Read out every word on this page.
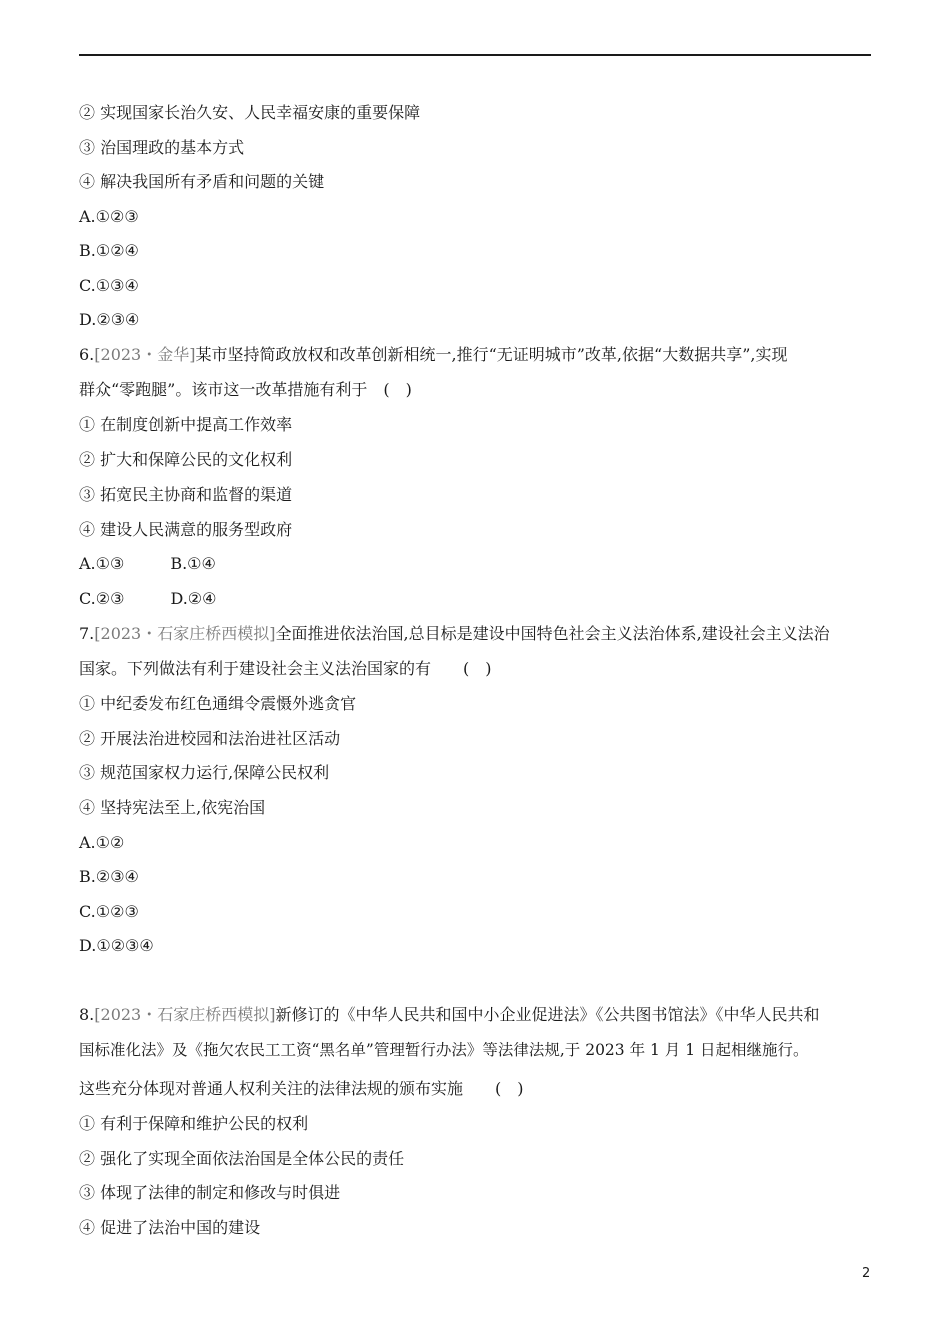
② 实现国家长治久安、人民幸福安康的重要保障
③ 治国理政的基本方式
④ 解决我国所有矛盾和问题的关键
A.①②③
B.①②④
C.①③④
D.②③④
6.[2023・金华]某市坚持简政放权和改革创新相统一,推行“无证明城市”改革,依据“大数据共享”,实现
群众“零跑腿”。该市这一改革措施有利于　(　)
① 在制度创新中提高工作效率
② 扩大和保障公民的文化权利
③ 拓宽民主协商和监督的渠道
④ 建设人民满意的服务型政府
A.①③	B.①④
C.②③	D.②④
7.[2023・石家庄桥西模拟]全面推进依法治国,总目标是建设中国特色社会主义法治体系,建设社会主义法治
国家。下列做法有利于建设社会主义法治国家的有　　(　)
① 中纪委发布红色通缉令震慑外逃贪官
② 开展法治进校园和法治进社区活动
③ 规范国家权力运行,保障公民权利
④ 坚持宪法至上,依宪治国
A.①②
B.②③④
C.①②③
D.①②③④
8.[2023・石家庄桥西模拟]新修订的《中华人民共和国中小企业促进法》《公共图书馆法》《中华人民共和
国标准化法》及《拖欠农民工工资“黑名单”管理暂行办法》等法律法规,于 2023 年 1 月 1 日起相继施行。
这些充分体现对普通人权利关注的法律法规的颁布实施　　(　)
① 有利于保障和维护公民的权利
② 强化了实现全面依法治国是全体公民的责任
③ 体现了法律的制定和修改与时俱进
④ 促进了法治中国的建设
2
